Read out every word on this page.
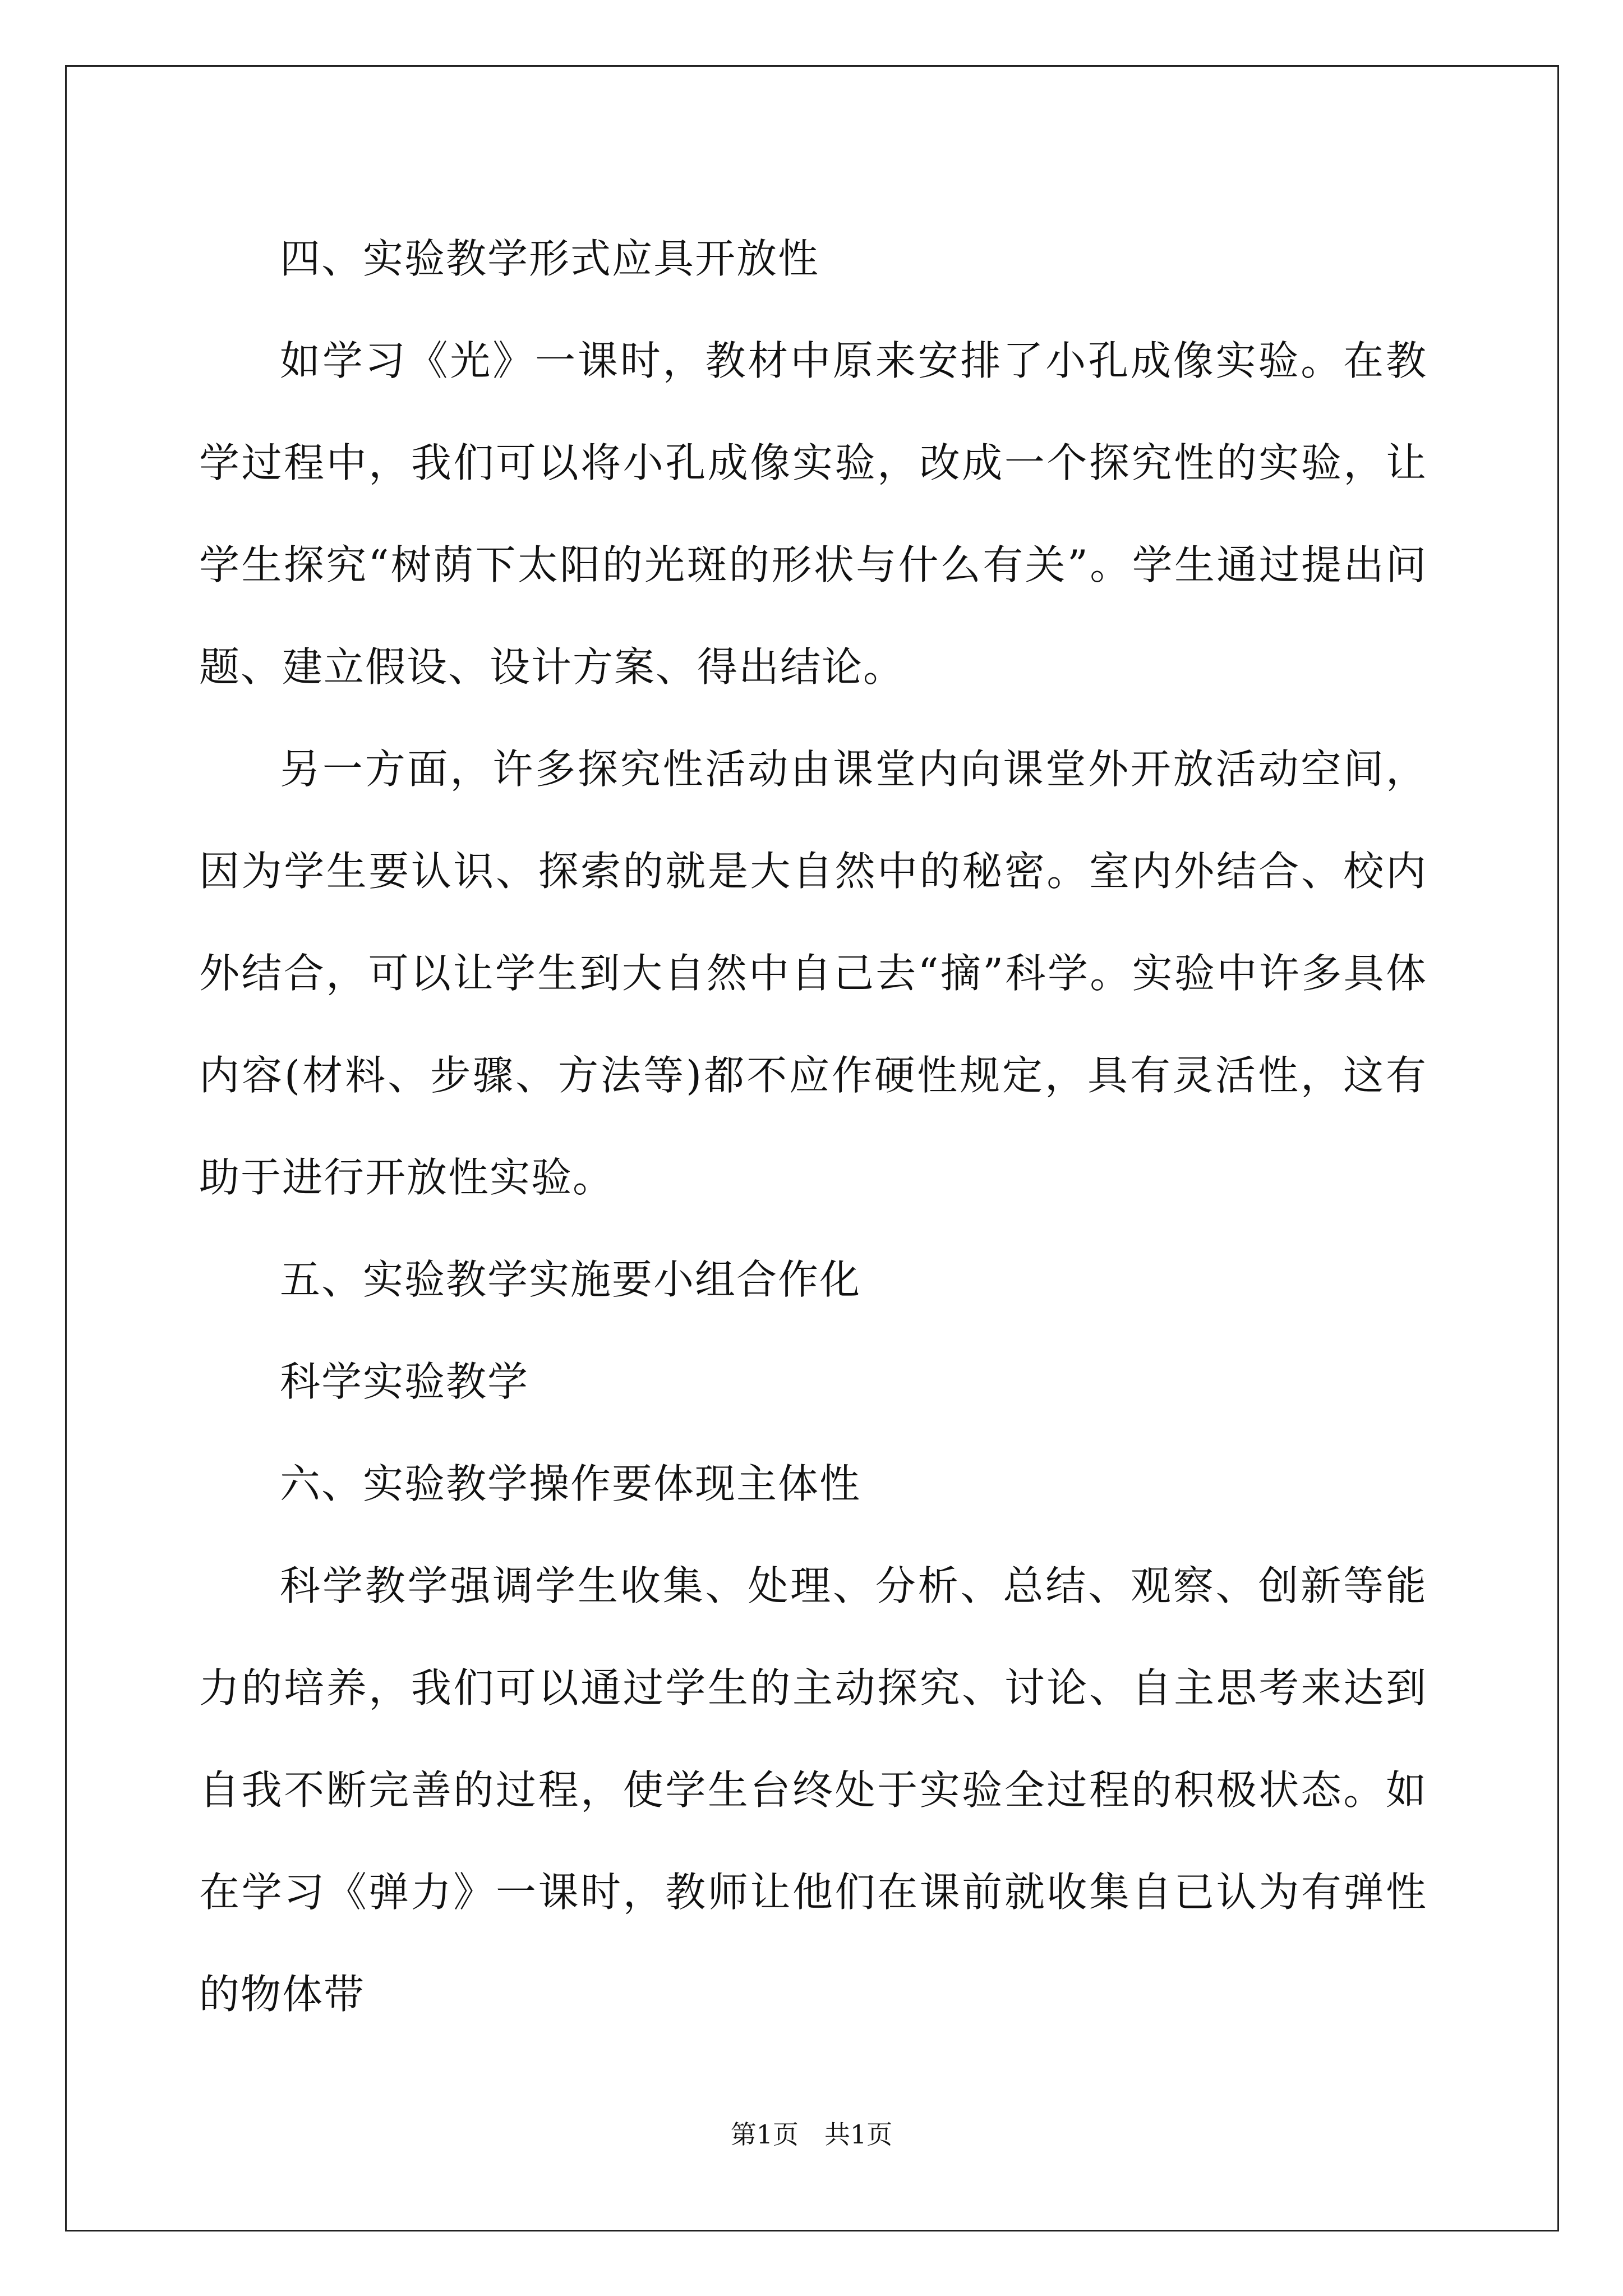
四、实验教学形式应具开放性

如学习《光》一课时，教材中原来安排了小孔成像实验。在教学过程中，我们可以将小孔成像实验，改成一个探究性的实验，让学生探究“树荫下太阳的光斑的形状与什么有关”。学生通过提出问题、建立假设、设计方案、得出结论。

另一方面，许多探究性活动由课堂内向课堂外开放活动空间，因为学生要认识、探索的就是大自然中的秘密。室内外结合、校内外结合，可以让学生到大自然中自己去“摘”科学。实验中许多具体内容(材料、步骤、方法等)都不应作硬性规定，具有灵活性，这有助于进行开放性实验。

五、实验教学实施要小组合作化

科学实验教学

六、实验教学操作要体现主体性

科学教学强调学生收集、处理、分析、总结、观察、创新等能力的培养，我们可以通过学生的主动探究、讨论、自主思考来达到自我不断完善的过程，使学生台终处于实验全过程的积极状态。如在学习《弹力》一课时，教师让他们在课前就收集自已认为有弹性的物体带

第1页　共1页
